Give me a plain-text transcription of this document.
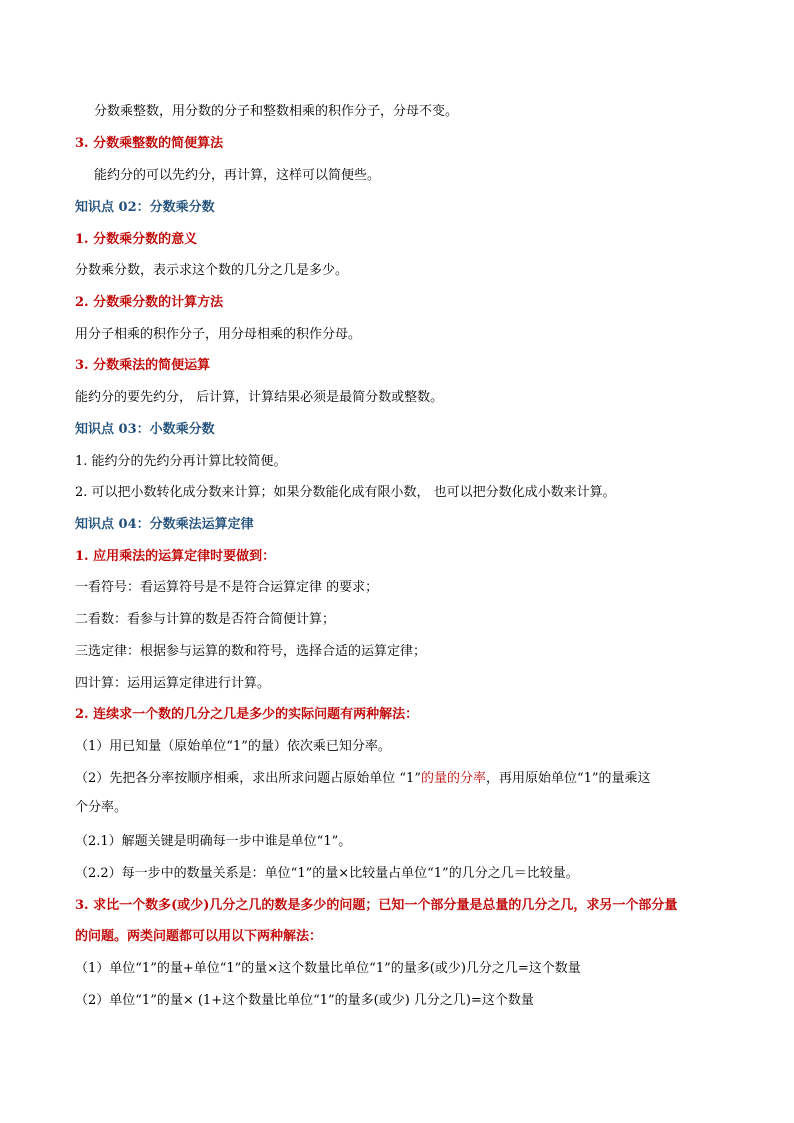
分数乘整数，用分数的分子和整数相乘的积作分子，分母不变。
3. 分数乘整数的简便算法
能约分的可以先约分，再计算，这样可以简便些。
知识点 02：分数乘分数
1. 分数乘分数的意义
分数乘分数，表示求这个数的几分之几是多少。
2. 分数乘分数的计算方法
用分子相乘的积作分子，用分母相乘的积作分母。
3. 分数乘法的简便运算
能约分的要先约分， 后计算，计算结果必须是最简分数或整数。
知识点 03：小数乘分数
1. 能约分的先约分再计算比较简便。
2. 可以把小数转化成分数来计算；如果分数能化成有限小数， 也可以把分数化成小数来计算。
知识点 04：分数乘法运算定律
1. 应用乘法的运算定律时要做到：
一看符号：看运算符号是不是符合运算定律 的要求；
二看数：看参与计算的数是否符合简便计算；
三选定律：根据参与运算的数和符号，选择合适的运算定律；
四计算：运用运算定律进行计算。
2. 连续求一个数的几分之几是多少的实际问题有两种解法：
（1）用已知量（原始单位“1”的量）依次乘已知分率。
（2）先把各分率按顺序相乘，求出所求问题占原始单位 “1”的量的分率，再用原始单位“1”的量乘这
个分率。
（2.1）解题关键是明确每一步中谁是单位“1”。
（2.2）每一步中的数量关系是：单位“1”的量×比较量占单位“1”的几分之几＝比较量。
3. 求比一个数多(或少)几分之几的数是多少的问题；已知一个部分量是总量的几分之几，求另一个部分量
的问题。两类问题都可以用以下两种解法：
（1）单位“1”的量+单位“1”的量×这个数量比单位“1”的量多(或少)几分之几=这个数量
（2）单位“1”的量× (1+这个数量比单位“1”的量多(或少) 几分之几)=这个数量
